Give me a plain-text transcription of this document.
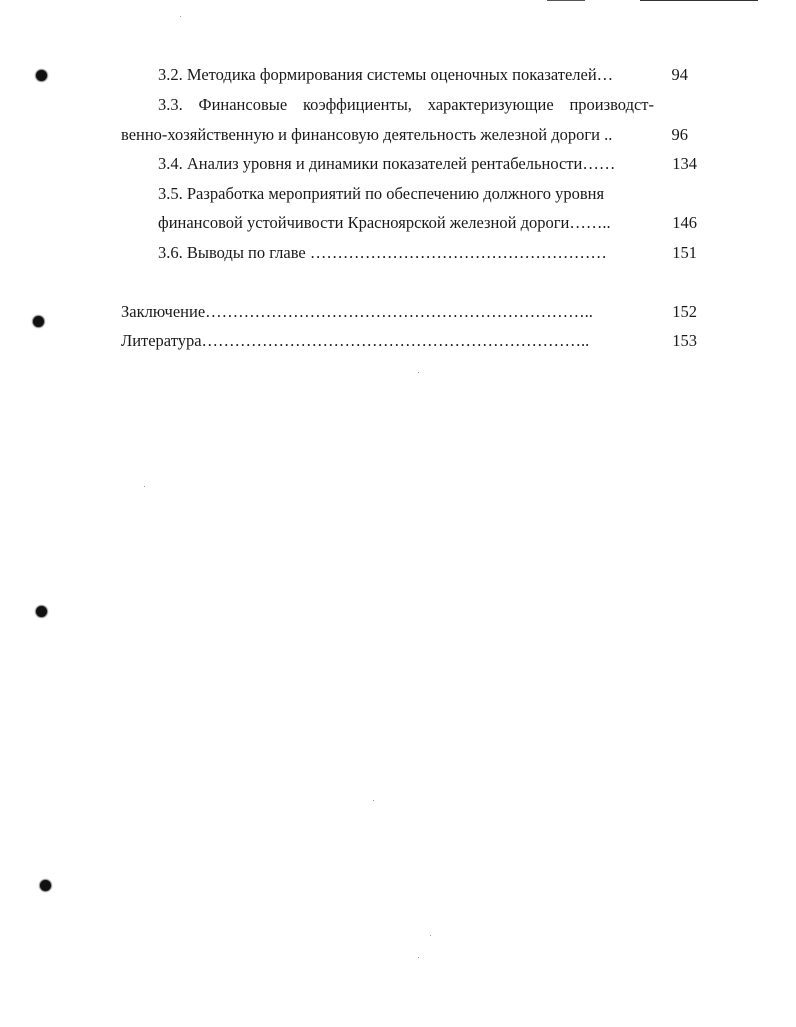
3.2. Методика формирования системы оценочных показателей…	94
3.3. Финансовые коэффициенты, характеризующие производст-
венно-хозяйственную и финансовую деятельность железной дороги ..	96
3.4. Анализ уровня и динамики показателей рентабельности……	134
3.5. Разработка мероприятий по обеспечению должного уровня
финансовой устойчивости Красноярской железной дороги……..	146
3.6. Выводы по главе ………………………………………………	151
Заключение……………………………………………………………..	152
Литература……………………………………………………………..	153
